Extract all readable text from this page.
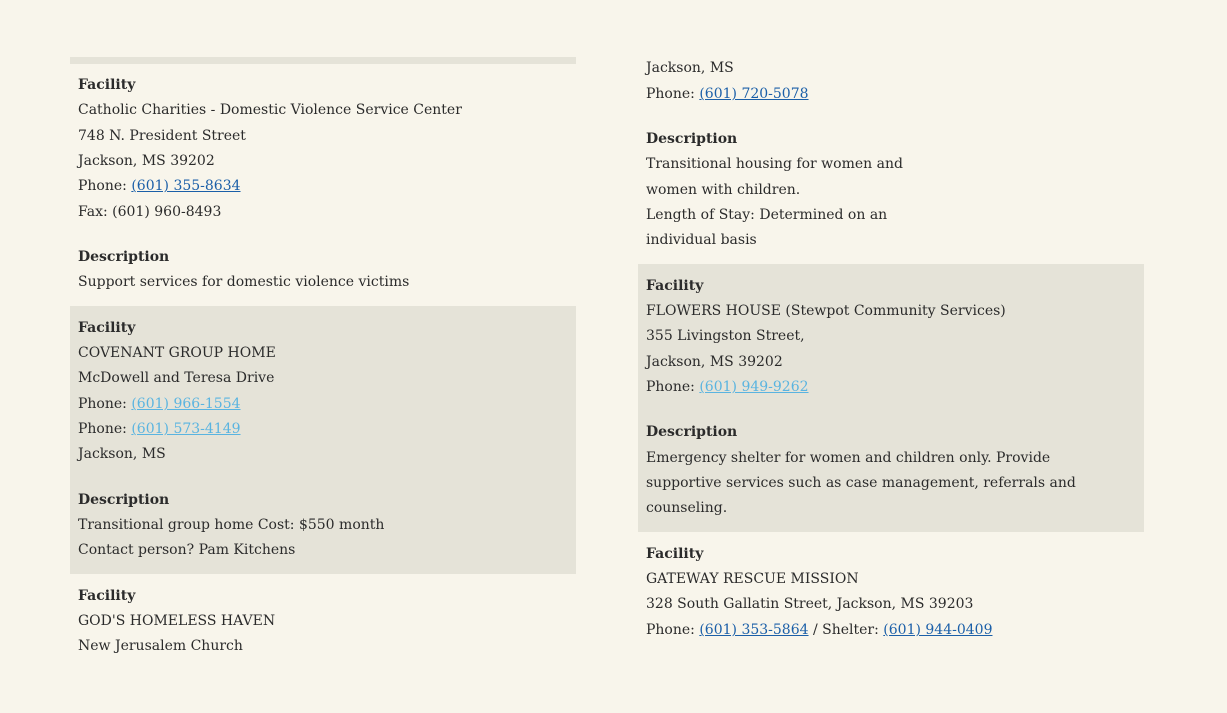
Facility
Catholic Charities - Domestic Violence Service Center
748 N. President Street
Jackson, MS 39202
Phone: (601) 355-8634
Fax: (601) 960-8493
Description
Support services for domestic violence victims
Facility
COVENANT GROUP HOME
McDowell and Teresa Drive
Phone: (601) 966-1554
Phone: (601) 573-4149
Jackson, MS
Description
Transitional group home Cost: $550 month
Contact person? Pam Kitchens
Facility
GOD'S HOMELESS HAVEN
New Jerusalem Church
Jackson, MS
Phone: (601) 720-5078
Description
Transitional housing for women and
women with children.
Length of Stay: Determined on an
individual basis
Facility
FLOWERS HOUSE (Stewpot Community Services)
355 Livingston Street,
Jackson, MS 39202
Phone: (601) 949-9262
Description
Emergency shelter for women and children only. Provide
supportive services such as case management, referrals and
counseling.
Facility
GATEWAY RESCUE MISSION
328 South Gallatin Street, Jackson, MS 39203
Phone: (601) 353-5864 / Shelter: (601) 944-0409
